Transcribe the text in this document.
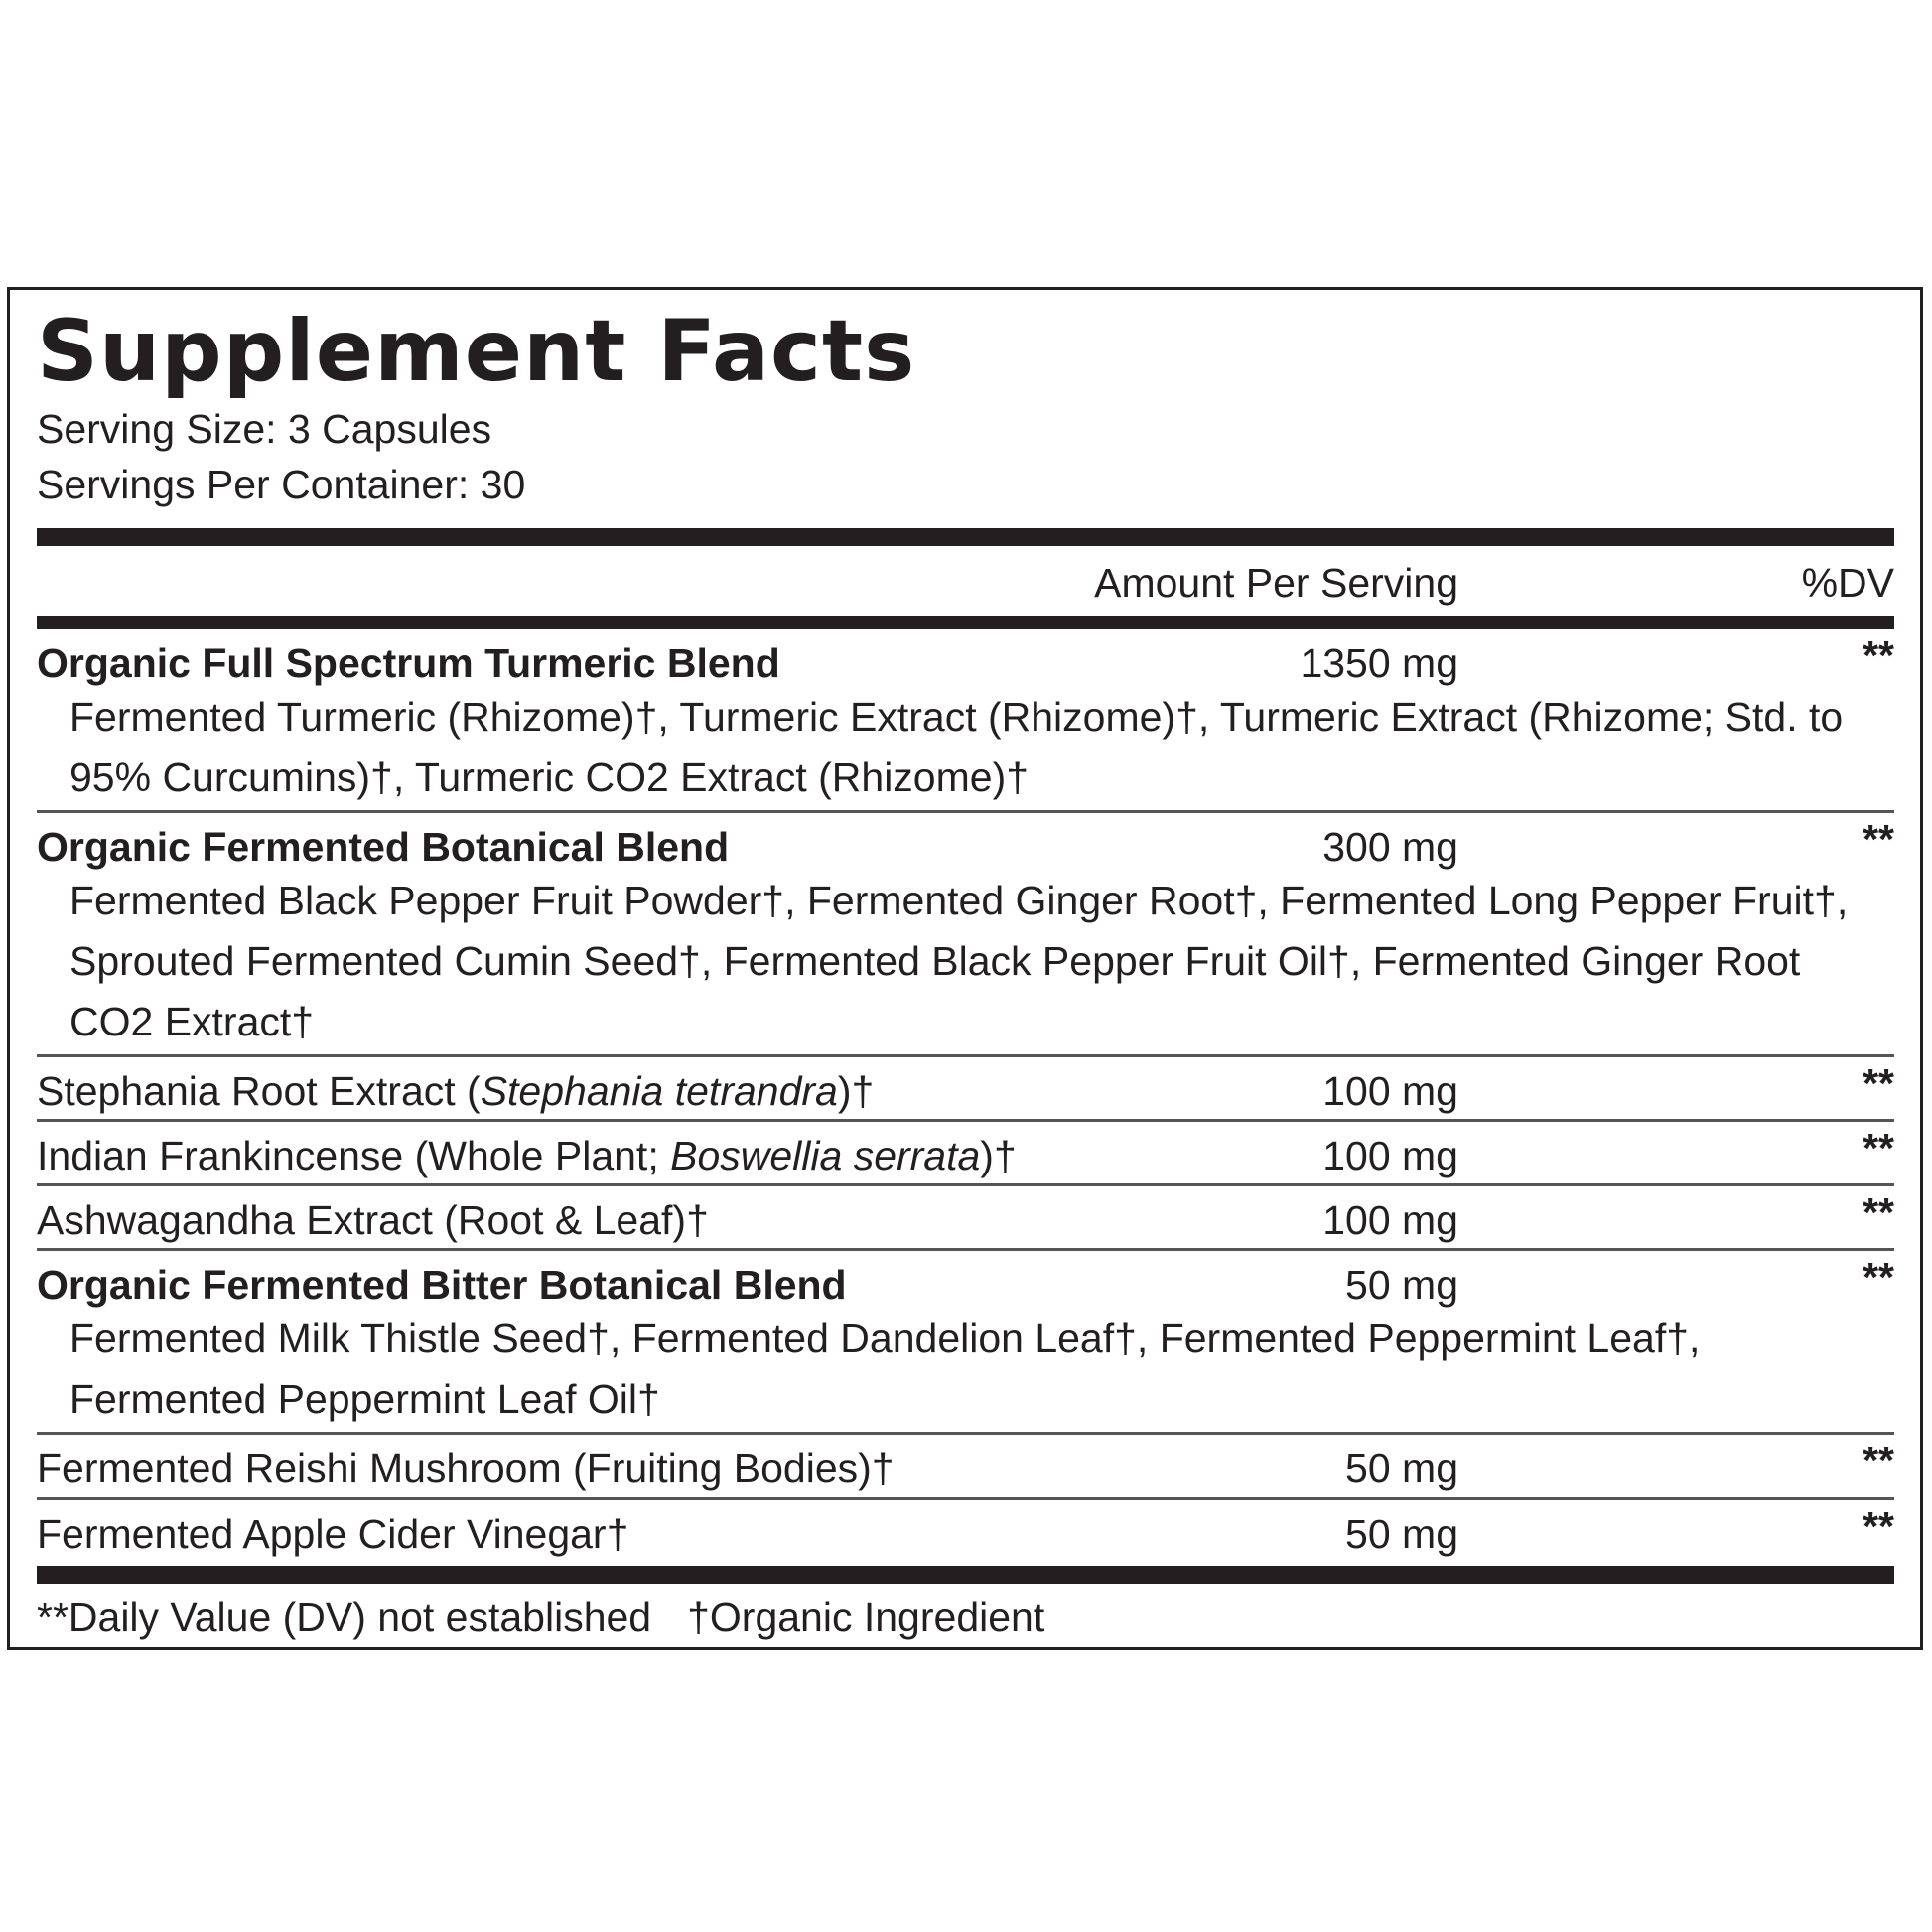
Supplement Facts
Serving Size: 3 Capsules
Servings Per Container: 30
Amount Per Serving	%DV
Organic Full Spectrum Turmeric Blend	1350 mg	**
Fermented Turmeric (Rhizome)†, Turmeric Extract (Rhizome)†, Turmeric Extract (Rhizome; Std. to 95% Curcumins)†, Turmeric CO2 Extract (Rhizome)†
Organic Fermented Botanical Blend	300 mg	**
Fermented Black Pepper Fruit Powder†, Fermented Ginger Root†, Fermented Long Pepper Fruit†, Sprouted Fermented Cumin Seed†, Fermented Black Pepper Fruit Oil†, Fermented Ginger Root CO2 Extract†
Stephania Root Extract (Stephania tetrandra)†	100 mg	**
Indian Frankincense (Whole Plant; Boswellia serrata)†	100 mg	**
Ashwagandha Extract (Root & Leaf)†	100 mg	**
Organic Fermented Bitter Botanical Blend	50 mg	**
Fermented Milk Thistle Seed†, Fermented Dandelion Leaf†, Fermented Peppermint Leaf†, Fermented Peppermint Leaf Oil†
Fermented Reishi Mushroom (Fruiting Bodies)†	50 mg	**
Fermented Apple Cider Vinegar†	50 mg	**
**Daily Value (DV) not established †Organic Ingredient
